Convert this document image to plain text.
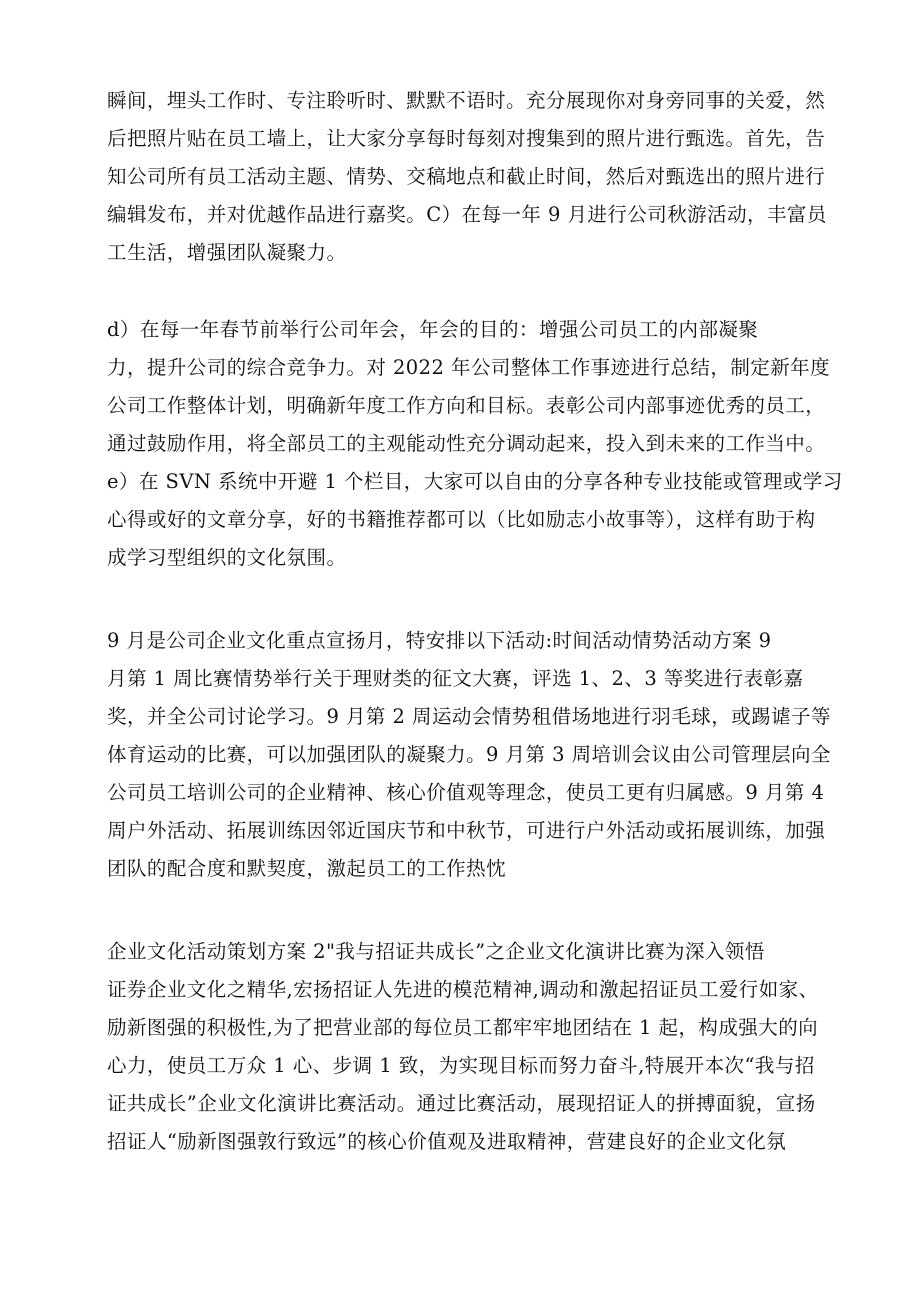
瞬间，埋头工作时、专注聆听时、默默不语时。充分展现你对身旁同事的关爱，然
后把照片贴在员工墙上，让大家分享每时每刻对搜集到的照片进行甄选。首先，告
知公司所有员工活动主题、情势、交稿地点和截止时间，然后对甄选出的照片进行
编辑发布，并对优越作品进行嘉奖。C）在每一年 9 月进行公司秋游活动，丰富员
工生活，增强团队凝聚力。

d）在每一年春节前举行公司年会，年会的目的：增强公司员工的内部凝聚
力，提升公司的综合竞争力。对 2022 年公司整体工作事迹进行总结，制定新年度
公司工作整体计划，明确新年度工作方向和目标。表彰公司内部事迹优秀的员工，
通过鼓励作用，将全部员工的主观能动性充分调动起来，投入到未来的工作当中。
e）在 SVN 系统中开避 1 个栏目，大家可以自由的分享各种专业技能或管理或学习
心得或好的文章分享，好的书籍推荐都可以（比如励志小故事等），这样有助于构
成学习型组织的文化氛围。

9 月是公司企业文化重点宣扬月，特安排以下活动:时间活动情势活动方案 9
月第 1 周比赛情势举行关于理财类的征文大赛，评选 1、2、3 等奖进行表彰嘉
奖，并全公司讨论学习。9 月第 2 周运动会情势租借场地进行羽毛球，或踢谑子等
体育运动的比赛，可以加强团队的凝聚力。9 月第 3 周培训会议由公司管理层向全
公司员工培训公司的企业精神、核心价值观等理念，使员工更有归属感。9 月第 4
周户外活动、拓展训练因邻近国庆节和中秋节，可进行户外活动或拓展训练，加强
团队的配合度和默契度，激起员工的工作热忱

企业文化活动策划方案 2"我与招证共成长”之企业文化演讲比赛为深入领悟
证券企业文化之精华,宏扬招证人先进的模范精神,调动和激起招证员工爱行如家、
励新图强的积极性,为了把营业部的每位员工都牢牢地团结在 1 起，构成强大的向
心力，使员工万众 1 心、步调 1 致，为实现目标而努力奋斗,特展开本次“我与招
证共成长”企业文化演讲比赛活动。通过比赛活动，展现招证人的拼搏面貌，宣扬
招证人“励新图强敦行致远”的核心价值观及进取精神，营建良好的企业文化氛
